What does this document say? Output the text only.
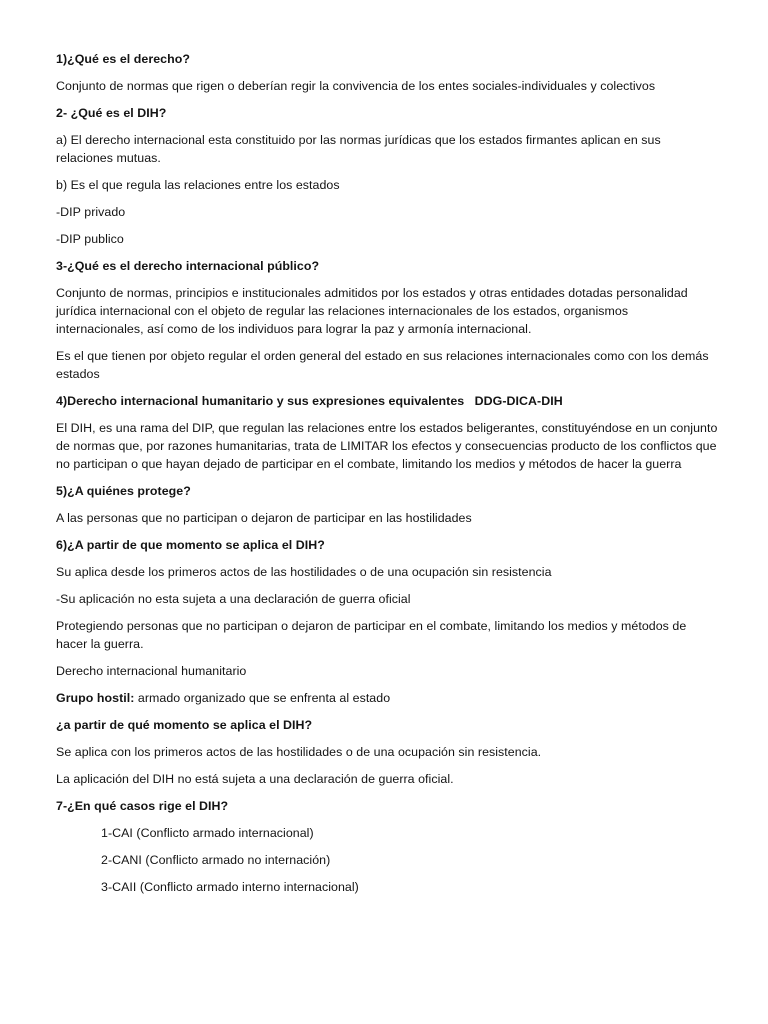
1)¿Qué es el derecho?

Conjunto de normas que rigen o deberían regir la convivencia de los entes sociales-individuales y colectivos

2- ¿Qué es el DIH?

a) El derecho internacional esta constituido por las normas jurídicas que los estados firmantes aplican en sus relaciones mutuas.

b) Es el que regula las relaciones entre los estados

-DIP privado

-DIP publico

3-¿Qué es el derecho internacional público?

Conjunto de normas, principios e institucionales admitidos por los estados y otras entidades dotadas personalidad jurídica internacional con el objeto de regular las relaciones internacionales de los estados, organismos internacionales, así como de los individuos para lograr la paz y armonía internacional.

Es el que tienen por objeto regular el orden general del estado en sus relaciones internacionales como con los demás estados

4)Derecho internacional humanitario y sus expresiones equivalentes   DDG-DICA-DIH

El DIH, es una rama del DIP, que regulan las relaciones entre los estados beligerantes, constituyéndose en un conjunto de normas que, por razones humanitarias, trata de LIMITAR los efectos y consecuencias producto de los conflictos que no participan o que hayan dejado de participar en el combate, limitando los medios y métodos de hacer la guerra

5)¿A quiénes protege?

A las personas que no participan o dejaron de participar en las hostilidades

6)¿A partir de que momento se aplica el DIH?

Su aplica desde los primeros actos de las hostilidades o de una ocupación sin resistencia

-Su aplicación no esta sujeta a una declaración de guerra oficial

Protegiendo personas que no participan o dejaron de participar en el combate, limitando los medios y métodos de hacer la guerra.

Derecho internacional humanitario

Grupo hostil: armado organizado que se enfrenta al estado

¿a partir de qué momento se aplica el DIH?

Se aplica con los primeros actos de las hostilidades o de una ocupación sin resistencia.

La aplicación del DIH no está sujeta a una declaración de guerra oficial.

7-¿En qué casos rige el DIH?

1-CAI (Conflicto armado internacional)

2-CANI (Conflicto armado no internación)

3-CAII (Conflicto armado interno internacional)
